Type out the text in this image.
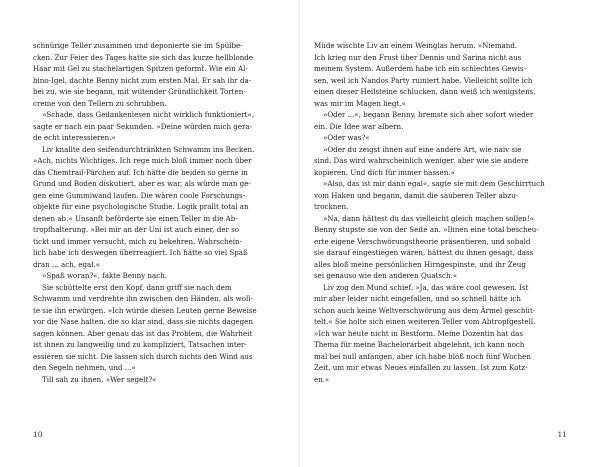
schnürige Teller zusammen und deponierte sie im Spülbe-
cken. Zur Feier des Tages hatte sie sich das kurze hellblonde
Haar mit Gel zu stachelartigen Spitzen geformt. Wie ein Al-
bino-Igel, dachte Benny nicht zum ersten Mal. Er sah ihr da-
bei zu, wie sie begann, mit wütender Gründlichkeit Torten-
creme von den Tellern zu schrubben.
»Schade, dass Gedankenlesen nicht wirklich funktioniert«,
sagte er nach ein paar Sekunden. »Deine würden mich gera-
de echt interessieren.«
Liv knallte den seifendurchtränkten Schwamm ins Becken.
»Ach, nichts Wichtiges. Ich rege mich bloß immer noch über
das Chemtrail-Pärchen auf. Ich hätte die beiden so gerne in
Grund und Boden diskutiert, aber es war, als würde man ge-
gen eine Gummiwand laufen. Die wären coole Forschungs-
objekte für eine psychologische Studie. Logik prallt total an
denen ab.« Unsanft beförderte sie einen Teller in die Ab-
tropfhalterung. »Bei mir an der Uni ist auch einer, der so
tickt und immer versucht, mich zu bekehren. Wahrschein-
lich habe ich deswegen überreagiert. Ich hätte so viel Spaß
dran ... ach, egal.«
»Spaß woran?«, fakte Benny nach.
Sie schüttelte erst den Kopf, dann griff sie nach dem
Schwamm und verdrehte ihn zwischen den Händen, als woll-
te sie ihn erwürgen. »Ich würde diesen Leuten gerne Beweise
vor die Nase halten, die so klar sind, dass sie nichts dagegen
sagen können. Aber genau das ist das Problem, die Wahrheit
ist ihnen zu langweilig und zu kompliziert, Tatsachen inter-
essieren sie nicht. Die lassen sich durch nichts den Wind aus
den Segeln nehmen, und ...«
Till sah zu ihnen. »Wer segelt?«
Müde wischte Liv an einem Weinglas herum. »Niemand.
Ich krieg nur den Frust über Dennis und Sarina nicht aus
meinem System. Außerdem habe ich ein schlechtes Gewis-
sen, weil ich Nandos Party ruiniert habe. Vielleicht sollte ich
einen dieser Heilsteine schlucken, dann weiß ich wenigstens,
was mir im Magen liegt.«
»Oder ...«, begann Benny, bremste sich aber sofort wieder
ein. Die Idee war albern.
»Oder was?«
»Oder du zeigst ihnen auf eine andere Art, wie naiv sie
sind. Das wird wahrscheinlich weniger, aber wie sie andere
kopieren. Und dich für immer hassen.«
»Also, das ist mir dann egal«, sagte sie mit dem Geschirrtuch
vom Haken und begann, damit die sauberen Teller abzu-
trocknen.
»Na, dann hättest du das vielleicht gleich machen sollen!«
Benny stupste sie von der Seite an. »Ihnen eine total bescheu-
erte eigene Verschwörungstheorie präsentieren, und sobald
sie darauf eingestiegen wären, hättest du ihnen gesagt, dass
alles bloß meine persönlichen Hirngespinste, und ihr Zeug
sei genauso wie den anderen Quatsch.«
Liv zog den Mund schief. »Ja, das wäre cool gewesen. Ist
mir aber leider nicht eingefallen, und so schnell hätte ich
schon auch keine Weltverschwörung aus dem Ärmel geschüt-
telt.« Sie holte sich einen weiteren Teller vom Abtropfgestell.
»Ich war heute nicht in Bestform. Meine Dozentin hat das
Thema für meine Bachelorarbeit abgelehnt, ich kann noch
mal bei null anfangen, aber ich habe bloß noch fünf Wochen
Zeit, um mir etwas Neues einfallen zu lassen. Ist zum Kotz-
en.«
10	11
